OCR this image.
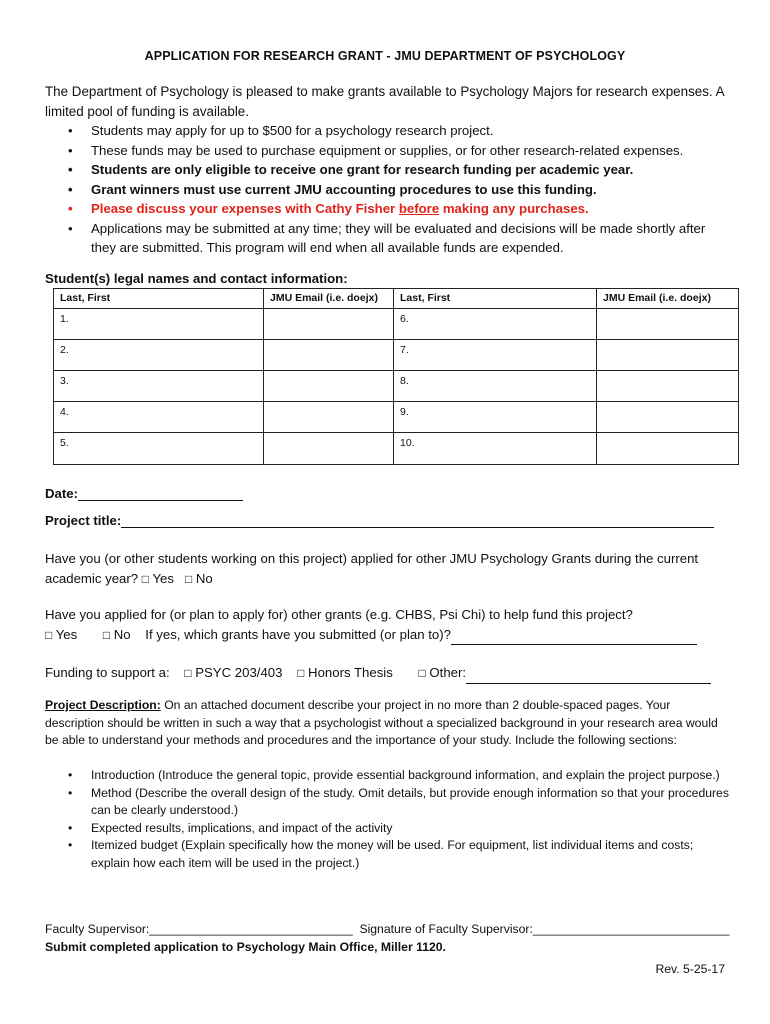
APPLICATION FOR RESEARCH GRANT - JMU DEPARTMENT OF PSYCHOLOGY
The Department of Psychology is pleased to make grants available to Psychology Majors for research expenses. A limited pool of funding is available.
• Students may apply for up to $500 for a psychology research project.
• These funds may be used to purchase equipment or supplies, or for other research-related expenses.
• Students are only eligible to receive one grant for research funding per academic year.
• Grant winners must use current JMU accounting procedures to use this funding.
• Please discuss your expenses with Cathy Fisher before making any purchases.
• Applications may be submitted at any time; they will be evaluated and decisions will be made shortly after they are submitted. This program will end when all available funds are expended.
Student(s) legal names and contact information:
Last, First	JMU Email (i.e. doejx)	Last, First	JMU Email (i.e. doejx)
1.		6.	
2.		7.	
3.		8.	
4.		9.	
5.		10.	
Date:
Project title:
Have you (or other students working on this project) applied for other JMU Psychology Grants during the current academic year? □ Yes □ No
Have you applied for (or plan to apply for) other grants (e.g. CHBS, Psi Chi) to help fund this project?
□ Yes □ No If yes, which grants have you submitted (or plan to)?
Funding to support a: □ PSYC 203/403 □ Honors Thesis □ Other:
Project Description: On an attached document describe your project in no more than 2 double-spaced pages. Your description should be written in such a way that a psychologist without a specialized background in your research area would be able to understand your methods and procedures and the importance of your study. Include the following sections:
• Introduction (Introduce the general topic, provide essential background information, and explain the project purpose.)
• Method (Describe the overall design of the study. Omit details, but provide enough information so that your procedures can be clearly understood.)
• Expected results, implications, and impact of the activity
• Itemized budget (Explain specifically how the money will be used. For equipment, list individual items and costs; explain how each item will be used in the project.)
Faculty Supervisor:______________________________ Signature of Faculty Supervisor:_____________________________
Submit completed application to Psychology Main Office, Miller 1120.
Rev. 5-25-17
